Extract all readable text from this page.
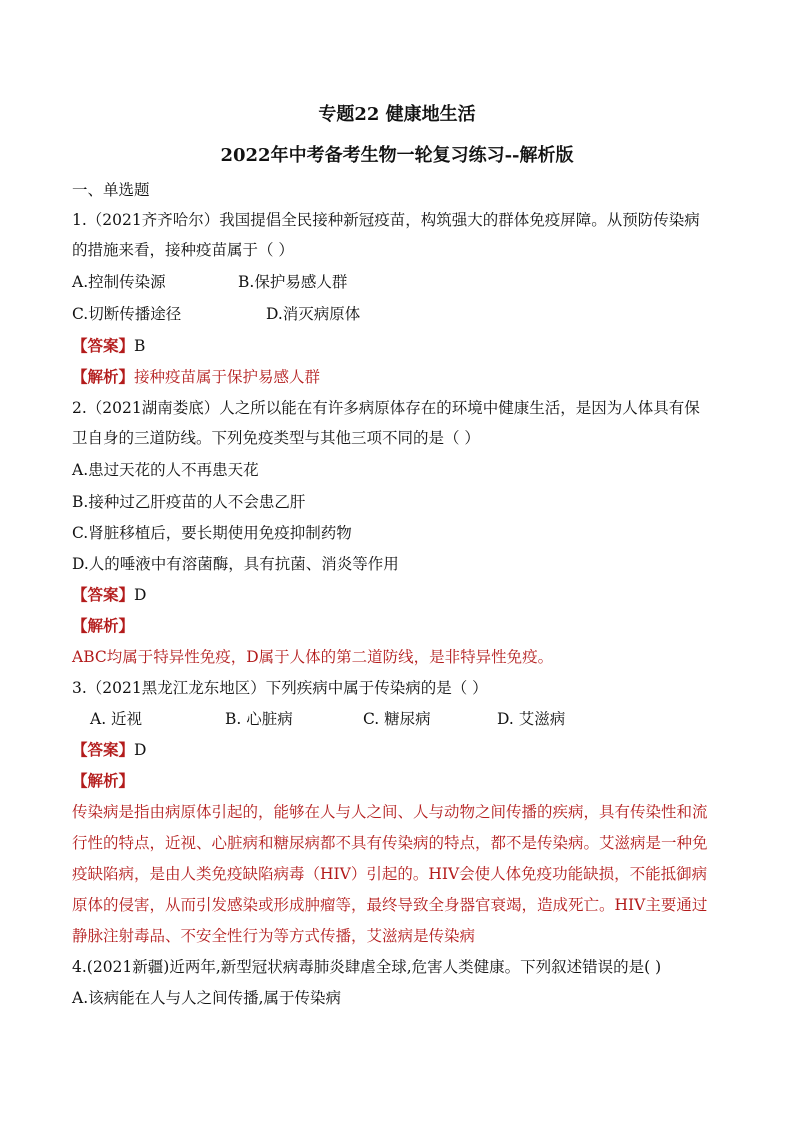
专题22 健康地生活
2022年中考备考生物一轮复习练习--解析版
一、单选题
1.（2021齐齐哈尔）我国提倡全民接种新冠疫苗，构筑强大的群体免疫屏障。从预防传染病
的措施来看，接种疫苗属于（ ）
A.控制传染源	B.保护易感人群
C.切断传播途径	D.消灭病原体
【答案】B
【解析】接种疫苗属于保护易感人群
2.（2021湖南娄底）人之所以能在有许多病原体存在的环境中健康生活，是因为人体具有保
卫自身的三道防线。下列免疫类型与其他三项不同的是（ ）
A.患过天花的人不再患天花
B.接种过乙肝疫苗的人不会患乙肝
C.肾脏移植后，要长期使用免疫抑制药物
D.人的唾液中有溶菌酶，具有抗菌、消炎等作用
【答案】D
【解析】
ABC均属于特异性免疫，D属于人体的第二道防线，是非特异性免疫。
3.（2021黑龙江龙东地区）下列疾病中属于传染病的是（ ）
A. 近视	B. 心脏病	C. 糖尿病	D. 艾滋病
【答案】D
【解析】
传染病是指由病原体引起的，能够在人与人之间、人与动物之间传播的疾病，具有传染性和流
行性的特点，近视、心脏病和糖尿病都不具有传染病的特点，都不是传染病。艾滋病是一种免
疫缺陷病，是由人类免疫缺陷病毒（HIV）引起的。HIV会使人体免疫功能缺损，不能抵御病
原体的侵害，从而引发感染或形成肿瘤等，最终导致全身器官衰竭，造成死亡。HIV主要通过
静脉注射毒品、不安全性行为等方式传播，艾滋病是传染病
4.(2021新疆)近两年,新型冠状病毒肺炎肆虐全球,危害人类健康。下列叙述错误的是( )
A.该病能在人与人之间传播,属于传染病
